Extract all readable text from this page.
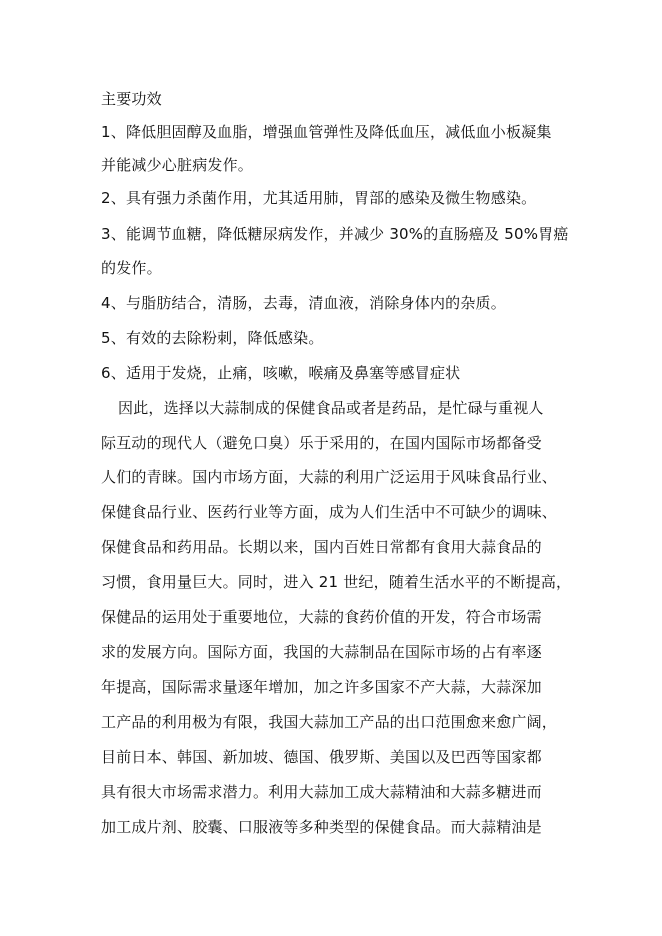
主要功效
1、降低胆固醇及血脂，增强血管弹性及降低血压，减低血小板凝集
并能减少心脏病发作。
2、具有强力杀菌作用，尤其适用肺，胃部的感染及微生物感染。
3、能调节血糖，降低糖尿病发作，并减少 30%的直肠癌及 50%胃癌
的发作。
4、与脂肪结合，清肠，去毒，清血液，消除身体内的杂质。
5、有效的去除粉刺，降低感染。
6、适用于发烧，止痛，咳嗽，喉痛及鼻塞等感冒症状
因此，选择以大蒜制成的保健食品或者是药品，是忙碌与重视人
际互动的现代人（避免口臭）乐于采用的，在国内国际市场都备受
人们的青睐。国内市场方面，大蒜的利用广泛运用于风味食品行业、
保健食品行业、医药行业等方面，成为人们生活中不可缺少的调味、
保健食品和药用品。长期以来，国内百姓日常都有食用大蒜食品的
习惯，食用量巨大。同时，进入 21 世纪，随着生活水平的不断提高，
保健品的运用处于重要地位，大蒜的食药价值的开发，符合市场需
求的发展方向。国际方面，我国的大蒜制品在国际市场的占有率逐
年提高，国际需求量逐年增加，加之许多国家不产大蒜，大蒜深加
工产品的利用极为有限，我国大蒜加工产品的出口范围愈来愈广阔，
目前日本、韩国、新加坡、德国、俄罗斯、美国以及巴西等国家都
具有很大市场需求潜力。利用大蒜加工成大蒜精油和大蒜多糖进而
加工成片剂、胶囊、口服液等多种类型的保健食品。而大蒜精油是
